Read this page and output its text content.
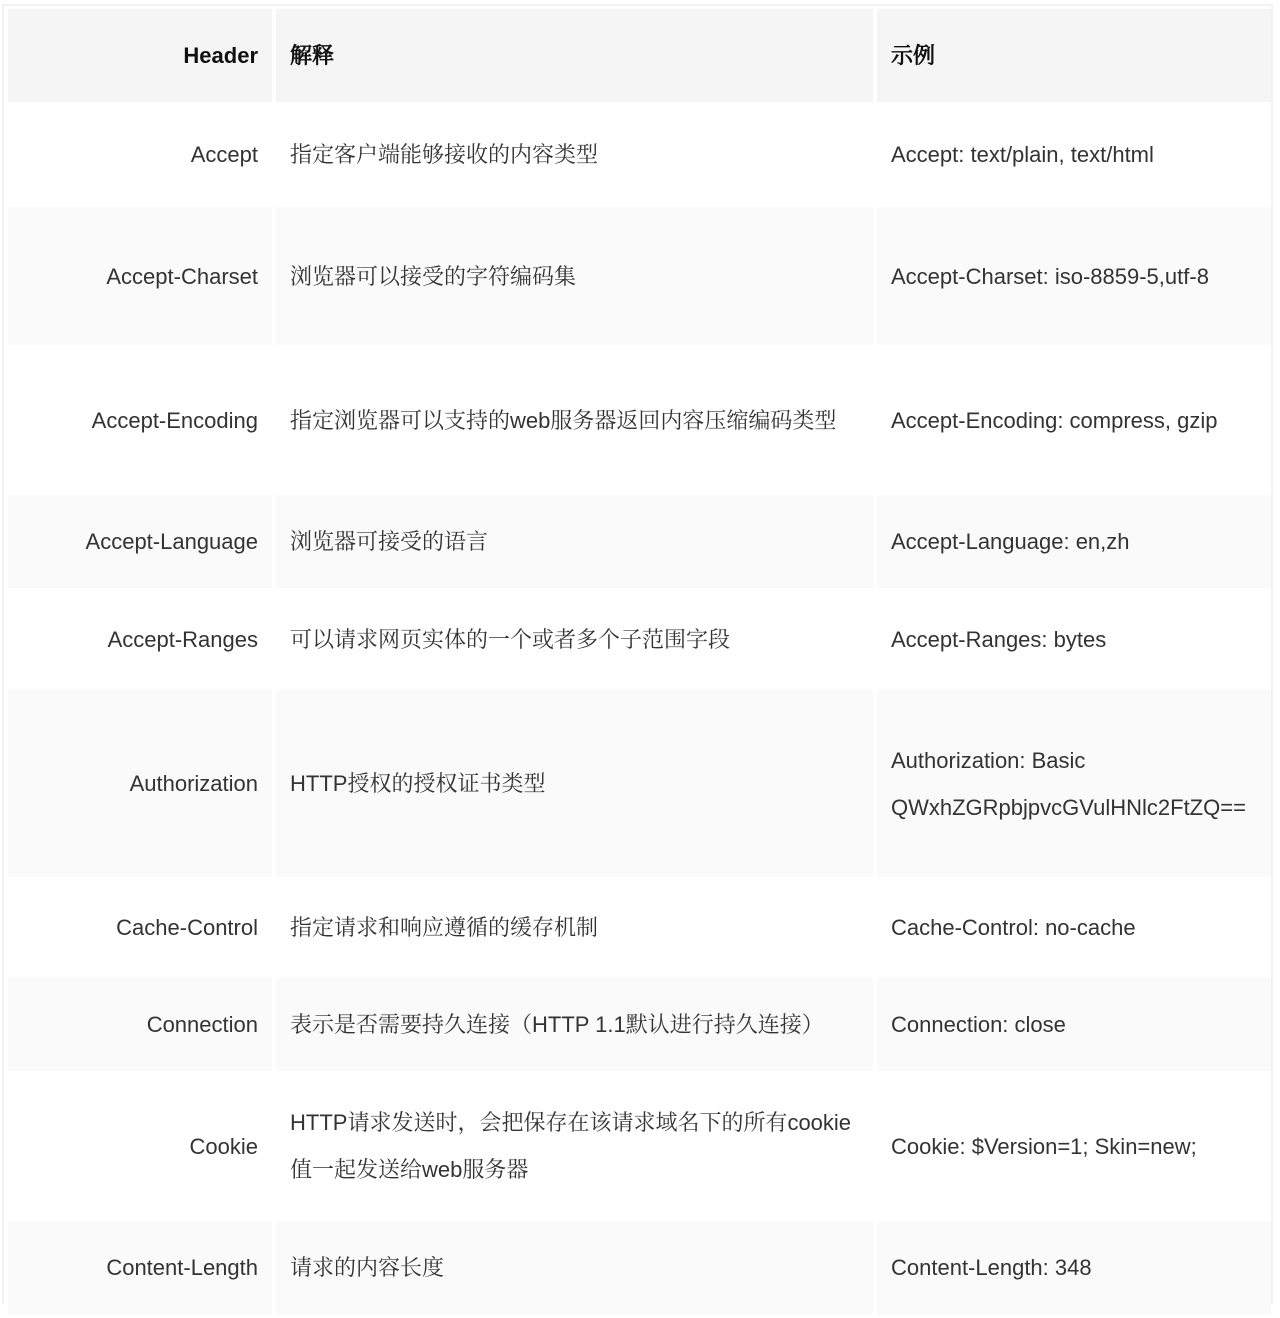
Header	解释	示例
Accept	指定客户端能够接收的内容类型	Accept: text/plain, text/html
Accept-Charset	浏览器可以接受的字符编码集	Accept-Charset: iso-8859-5,utf-8
Accept-Encoding	指定浏览器可以支持的web服务器返回内容压缩编码类型	Accept-Encoding: compress, gzip
Accept-Language	浏览器可接受的语言	Accept-Language: en,zh
Accept-Ranges	可以请求网页实体的一个或者多个子范围字段	Accept-Ranges: bytes
Authorization	HTTP授权的授权证书类型	Authorization: Basic QWxhZGRpbjpvcGVulHNlc2FtZQ==
Cache-Control	指定请求和响应遵循的缓存机制	Cache-Control: no-cache
Connection	表示是否需要持久连接（HTTP 1.1默认进行持久连接）	Connection: close
Cookie	HTTP请求发送时，会把保存在该请求域名下的所有cookie值一起发送给web服务器	Cookie: $Version=1; Skin=new;
Content-Length	请求的内容长度	Content-Length: 348
